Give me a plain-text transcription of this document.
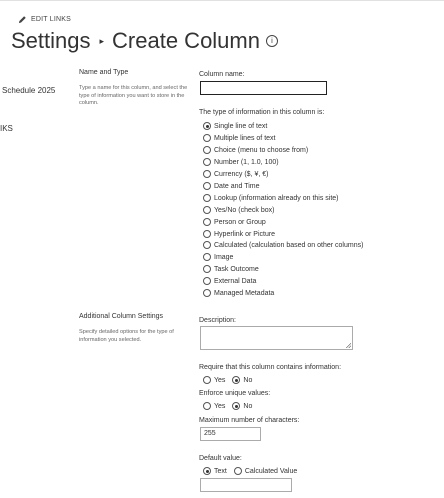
EDIT LINKS
Settings ▸ Create Column	i
Schedule 2025
IKS
Name and Type
Type a name for this column, and select the type of information you want to store in the column.
Column name:
The type of information in this column is:
Single line of text
Multiple lines of text
Choice (menu to choose from)
Number (1, 1.0, 100)
Currency ($, ¥, €)
Date and Time
Lookup (information already on this site)
Yes/No (check box)
Person or Group
Hyperlink or Picture
Calculated (calculation based on other columns)
Image
Task Outcome
External Data
Managed Metadata
Additional Column Settings
Specify detailed options for the type of information you selected.
Description:
Require that this column contains information:
Yes	No
Enforce unique values:
Yes	No
Maximum number of characters:
255
Default value:
Text	Calculated Value
